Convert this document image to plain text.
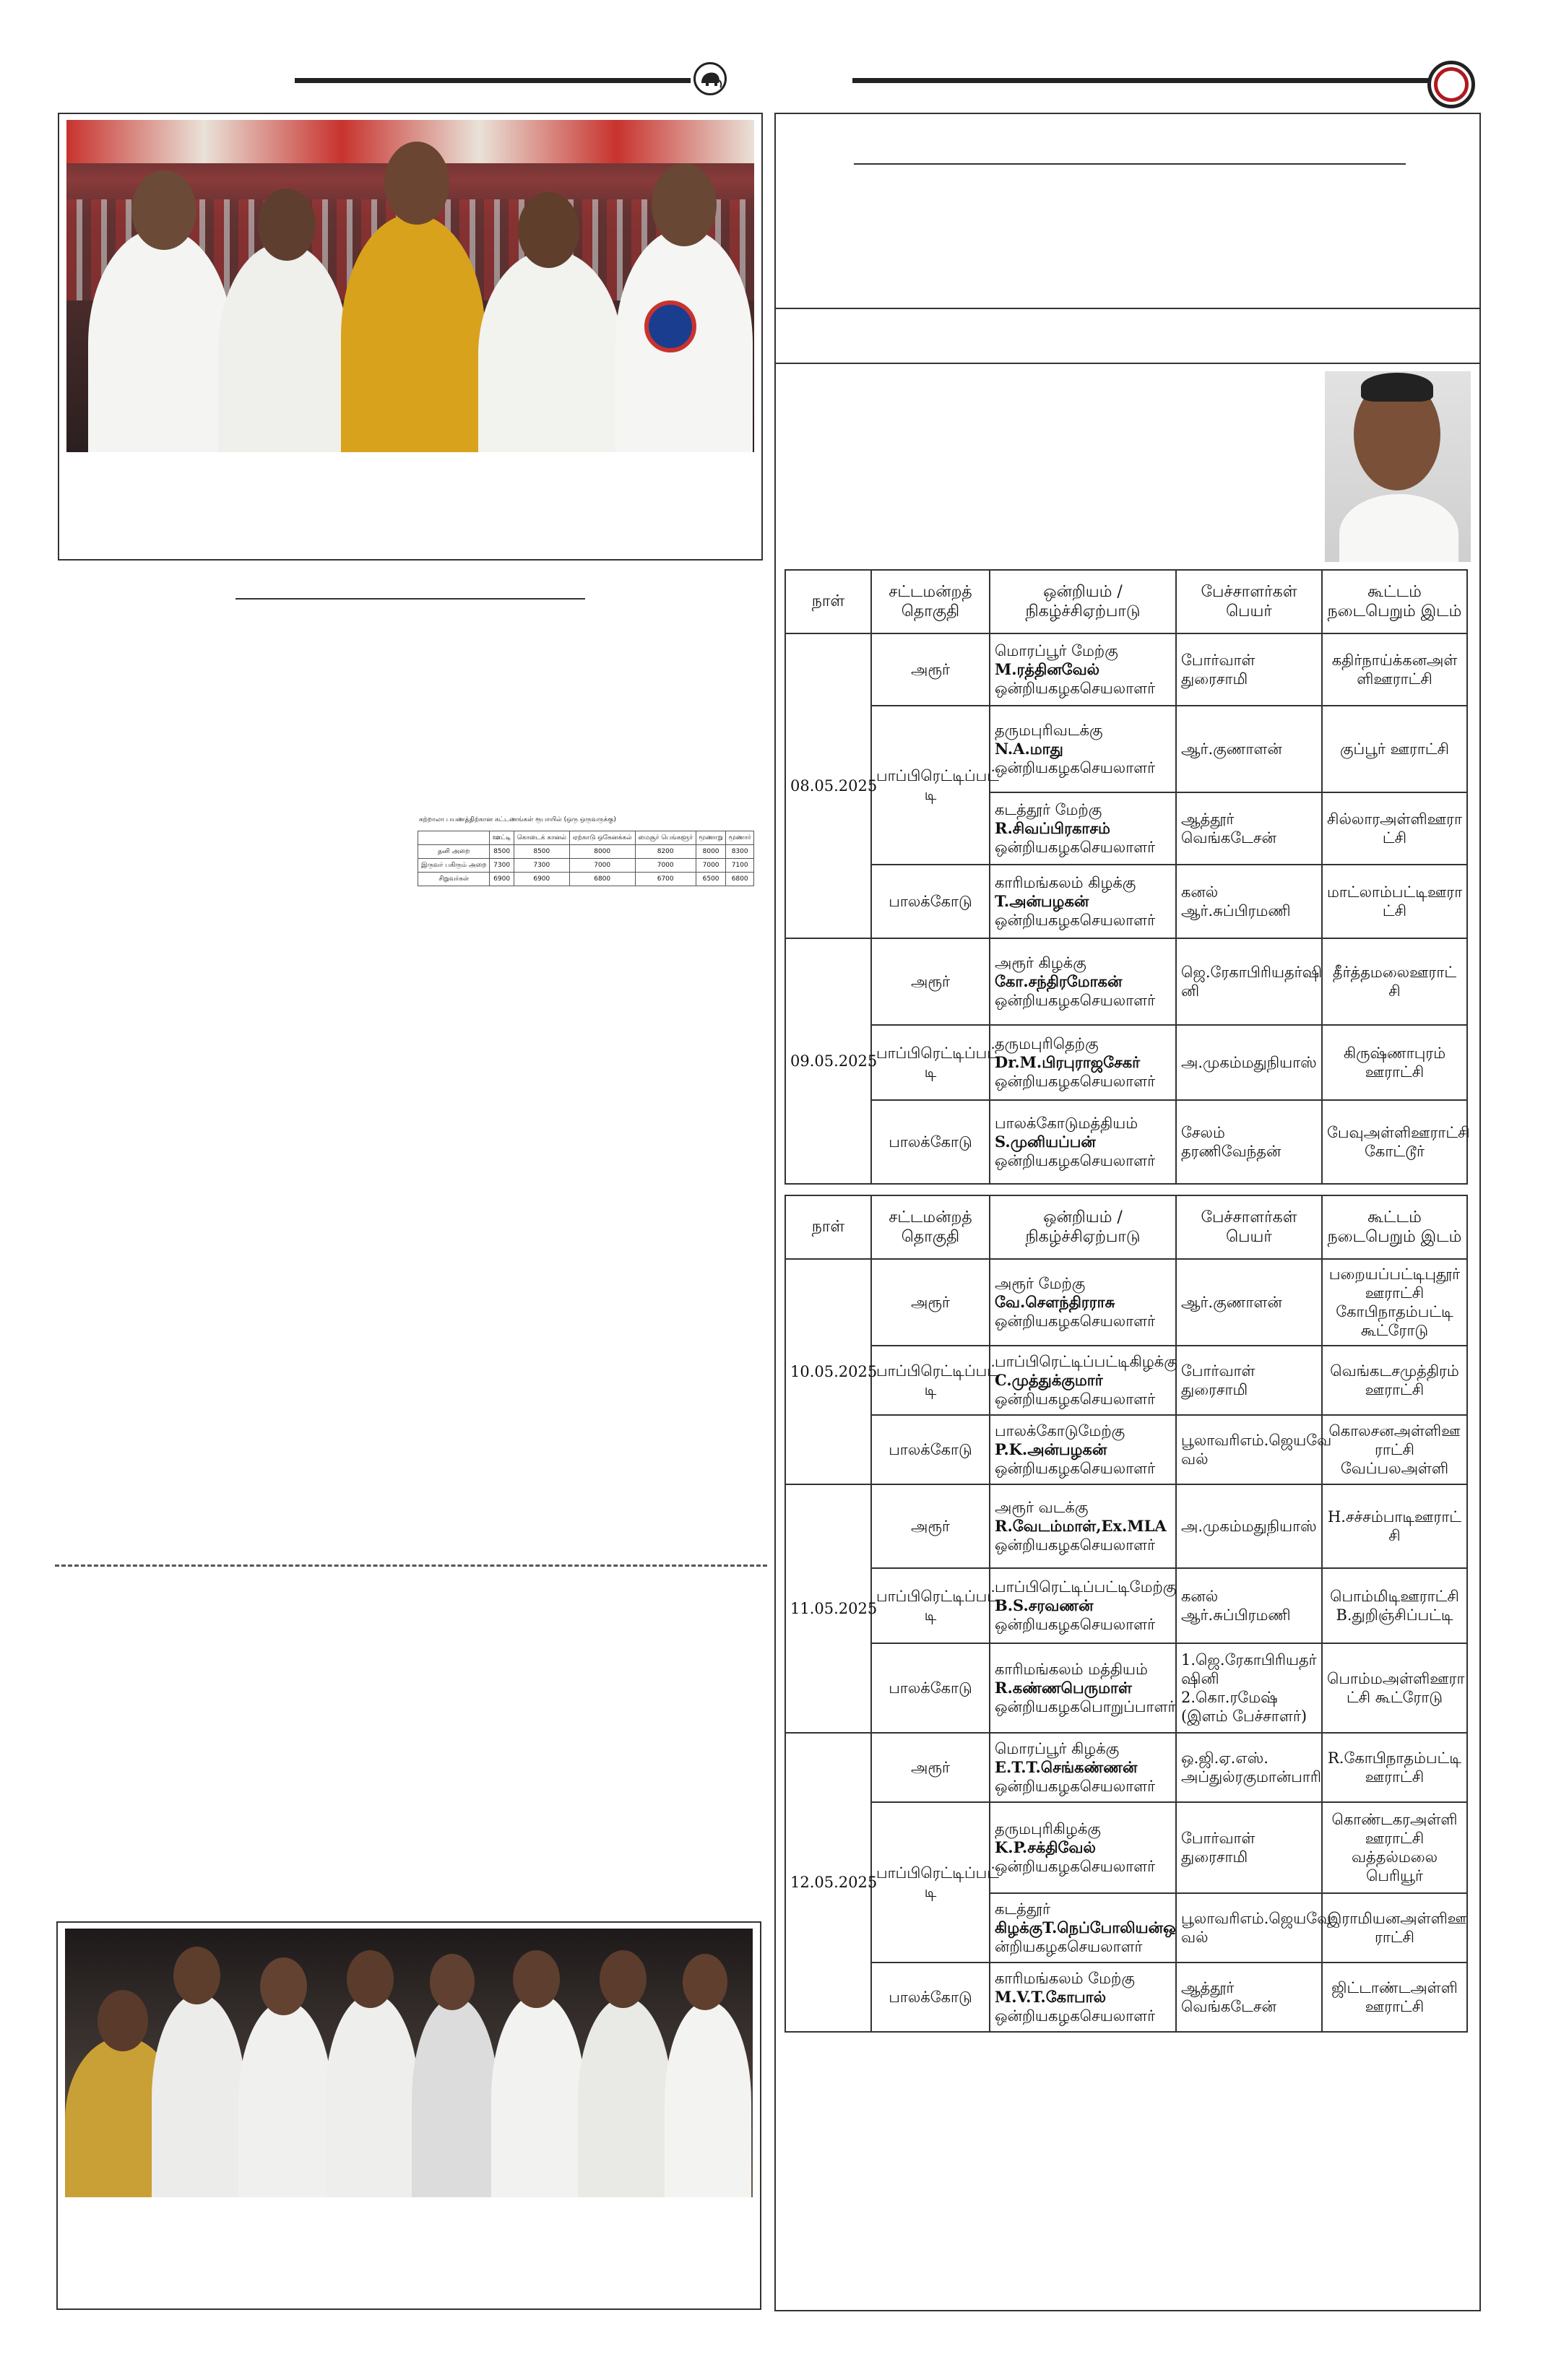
கற்றாலா பயணத்திற்கான கட்டணங்கள் ரூபாயில் (ஒரு ஒருவருக்கு)
	ஊட்டி	கொடைக் கானல்	ஏற்காடு ஒகேனக்கல்	மைசூர் பெங்களூர்	மூணாறு	மூணார்
தனி அறை	8500	8500	8000	8200	8000	8300
இருவர் பகிரும் அறை	7300	7300	7000	7000	7000	7100
சிறுவர்கள்	6900	6900	6800	6700	6500	6800
நாள்	சட்டமன்றத் தொகுதி	ஒன்றியம் /நிகழ்ச்சிஏற்பாடு	பேச்சாளர்கள் பெயர்	கூட்டம் நடைபெறும் இடம்
08.05.2025	அரூர்	மொரப்பூர் மேற்கு
M.ரத்தினவேல்
ஒன்றியகழகசெயலாளர்	போர்வாள் துரைசாமி	கதிர்நாய்க்கனஅள் ளிஊராட்சி
	பாப்பிரெட்டிப்பட் டி	தருமபுரிவடக்கு
N.A.மாது
ஒன்றியகழகசெயலாளர்	ஆர்.குணாளன்	குப்பூர் ஊராட்சி

		கடத்தூர் மேற்கு
R.சிவப்பிரகாசம்
ஒன்றியகழகசெயலாளர்	ஆத்தூர் வெங்கடேசன்	சில்லாரஅள்ளிஊரா ட்சி
	பாலக்கோடு	காரிமங்கலம் கிழக்கு
T.அன்பழகன்
ஒன்றியகழகசெயலாளர்	கனல் ஆர்.சுப்பிரமணி	மாட்லாம்பட்டிஊரா ட்சி
09.05.2025	அரூர்	அரூர் கிழக்கு
கோ.சந்திரமோகன்
ஒன்றியகழகசெயலாளர்	ஜெ.ரேகாபிரியதர்ஷி னி	தீர்த்தமலைஊராட் சி
	பாப்பிரெட்டிப்பட் டி	தருமபுரிதெற்கு
Dr.M.பிரபுராஜசேகர்
ஒன்றியகழகசெயலாளர்	அ.முகம்மதுநியாஸ்	கிருஷ்ணாபுரம் ஊராட்சி
	பாலக்கோடு	பாலக்கோடுமத்தியம்
S.முனியப்பன்
ஒன்றியகழகசெயலாளர்	சேலம் தரணிவேந்தன்	பேவுஅள்ளிஊராட்சி கோட்டூர்
நாள்	சட்டமன்றத் தொகுதி	ஒன்றியம் /நிகழ்ச்சிஏற்பாடு	பேச்சாளர்கள் பெயர்	கூட்டம் நடைபெறும் இடம்
10.05.2025	அரூர்	அரூர் மேற்கு
வே.சௌந்திரராசு
ஒன்றியகழகசெயலாளர்	ஆர்.குணாளன்	பறையப்பட்டிபுதூர் ஊராட்சி கோபிநாதம்பட்டி கூட்ரோடு
	பாப்பிரெட்டிப்பட் டி	பாப்பிரெட்டிப்பட்டிகிழக்கு
C.முத்துக்குமார்
ஒன்றியகழகசெயலாளர்	போர்வாள் துரைசாமி	வெங்கடசமுத்திரம் ஊராட்சி
	பாலக்கோடு	பாலக்கோடுமேற்கு
P.K.அன்பழகன்
ஒன்றியகழகசெயலாளர்	பூலாவரிஎம்.ஜெயவே வல்	கொலசனஅள்ளிஊ ராட்சி வேப்பலஅள்ளி
11.05.2025	அரூர்	அரூர் வடக்கு
R.வேடம்மாள்,Ex.MLA
ஒன்றியகழகசெயலாளர்	அ.முகம்மதுநியாஸ்	H.சச்சம்பாடிஊராட் சி
	பாப்பிரெட்டிப்பட் டி	பாப்பிரெட்டிப்பட்டிமேற்கு
B.S.சரவணன்
ஒன்றியகழகசெயலாளர்	கனல் ஆர்.சுப்பிரமணி	பொம்மிடிஊராட்சி B.துறிஞ்சிப்பட்டி
	பாலக்கோடு	காரிமங்கலம் மத்தியம்
R.கண்ணபெருமாள்
ஒன்றியகழகபொறுப்பாளர்	1.ஜெ.ரேகாபிரியதர் ஷினி 2.கொ.ரமேஷ் (இளம் பேச்சாளர்)	பொம்மஅள்ளிஊரா ட்சி கூட்ரோடு
12.05.2025	அரூர்	மொரப்பூர் கிழக்கு
E.T.T.செங்கண்ணன்
ஒன்றியகழகசெயலாளர்	ஒ.ஜி.ஏ.எஸ். அப்துல்ரகுமான்பாரி	R.கோபிநாதம்பட்டி ஊராட்சி
	பாப்பிரெட்டிப்பட் டி	தருமபுரிகிழக்கு
K.P.சக்திவேல்
ஒன்றியகழகசெயலாளர்	போர்வாள் துரைசாமி	கொண்டகரஅள்ளி ஊராட்சி வத்தல்மலை பெரியூர்

		கடத்தூர்
கிழக்குT.நெப்போலியன்ஒ
ன்றியகழகசெயலாளர்	பூலாவரிஎம்.ஜெயவே வல்	இராமியனஅள்ளிஊ ராட்சி
	பாலக்கோடு	காரிமங்கலம் மேற்கு
M.V.T.கோபால்
ஒன்றியகழகசெயலாளர்	ஆத்தூர் வெங்கடேசன்	ஜிட்டாண்டஅள்ளி ஊராட்சி
